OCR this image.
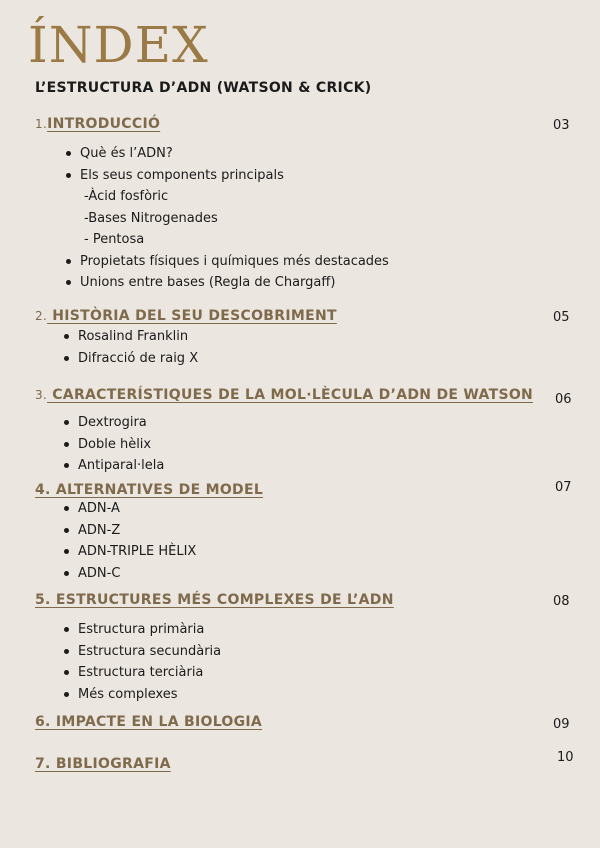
ÍNDEX
L’ESTRUCTURA D’ADN (WATSON & CRICK)
1.INTRODUCCIÓ	03
Què és l’ADN?
Els seus components principals
-Àcid fosfòric
-Bases Nitrogenades
- Pentosa
Propietats físiques i químiques més destacades
Unions entre bases (Regla de Chargaff)
2. HISTÒRIA DEL SEU DESCOBRIMENT	05
Rosalind Franklin
Difracció de raig X
3. CARACTERÍSTIQUES DE LA MOL·LÈCULA D’ADN DE WATSON 06
Dextrogira
Doble hèlix
Antiparal·lela
4. ALTERNATIVES DE MODEL	07
ADN-A
ADN-Z
ADN-TRIPLE HÈLIX
ADN-C
5. ESTRUCTURES MÉS COMPLEXES DE L’ADN	08
Estructura primària
Estructura secundària
Estructura terciària
Més complexes
6. IMPACTE EN LA BIOLOGIA	09
7. BIBLIOGRAFIA	10
